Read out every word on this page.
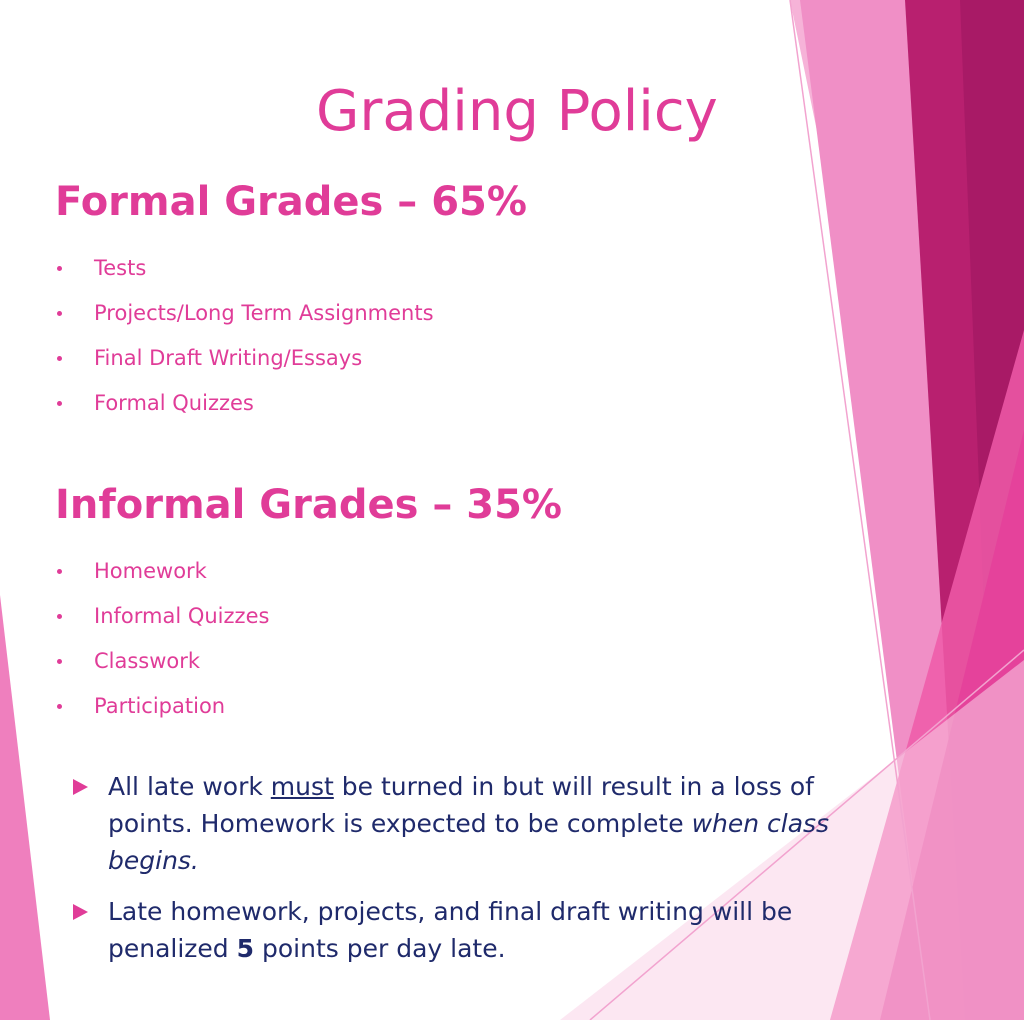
Grading Policy
Formal Grades – 65%
Tests
Projects/Long Term Assignments
Final Draft Writing/Essays
Formal Quizzes
Informal Grades – 35%
Homework
Informal Quizzes
Classwork
Participation
All late work must be turned in but will result in a loss of points. Homework is expected to be complete when class begins.
Late homework, projects, and final draft writing will be penalized 5 points per day late.
